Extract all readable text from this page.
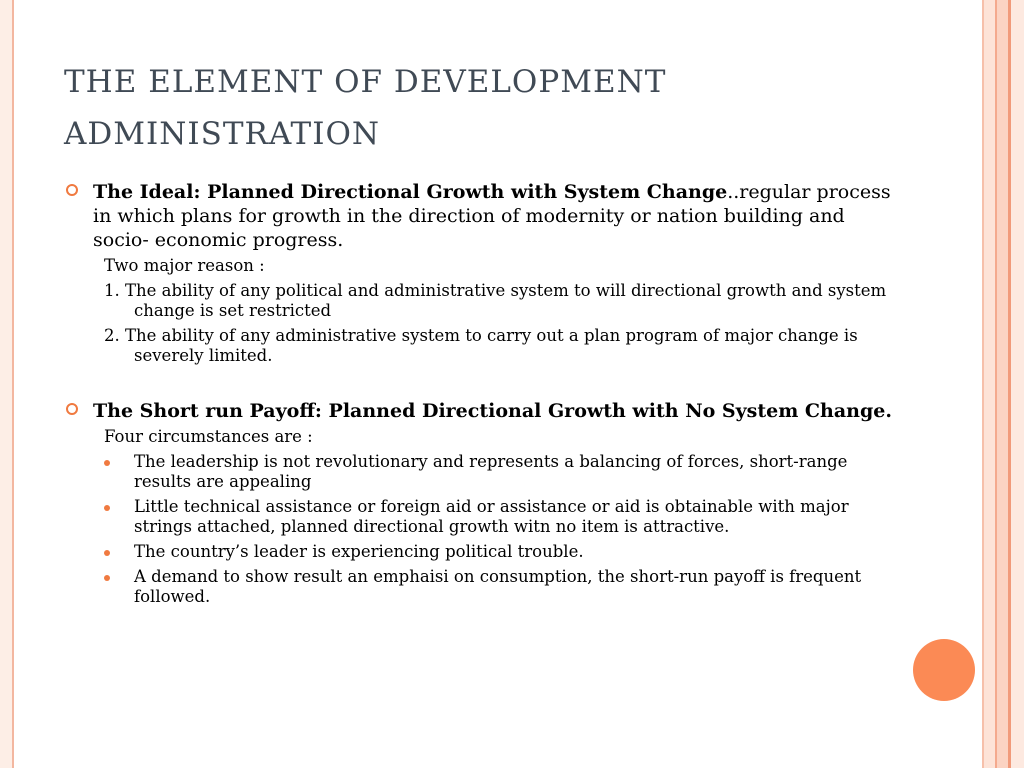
THE ELEMENT OF DEVELOPMENT
ADMINISTRATION
The Ideal: Planned Directional Growth with System Change..regular process in which plans for growth in the direction of modernity or nation building and socio- economic progress.
Two major reason :
1. The ability of any political and administrative system to will directional growth and system change is set restricted
2. The ability of any administrative system to carry out a plan program of major change is severely limited.
The Short run Payoff: Planned Directional Growth with No System Change.
Four circumstances are :
The leadership is not revolutionary and represents a balancing of forces, short-range results are appealing
Little technical assistance or foreign aid or assistance or aid is obtainable with major strings attached, planned directional growth witn no item is attractive.
The country’s leader is experiencing political trouble.
A demand to show result an emphaisi on consumption, the short-run payoff is frequent followed.
